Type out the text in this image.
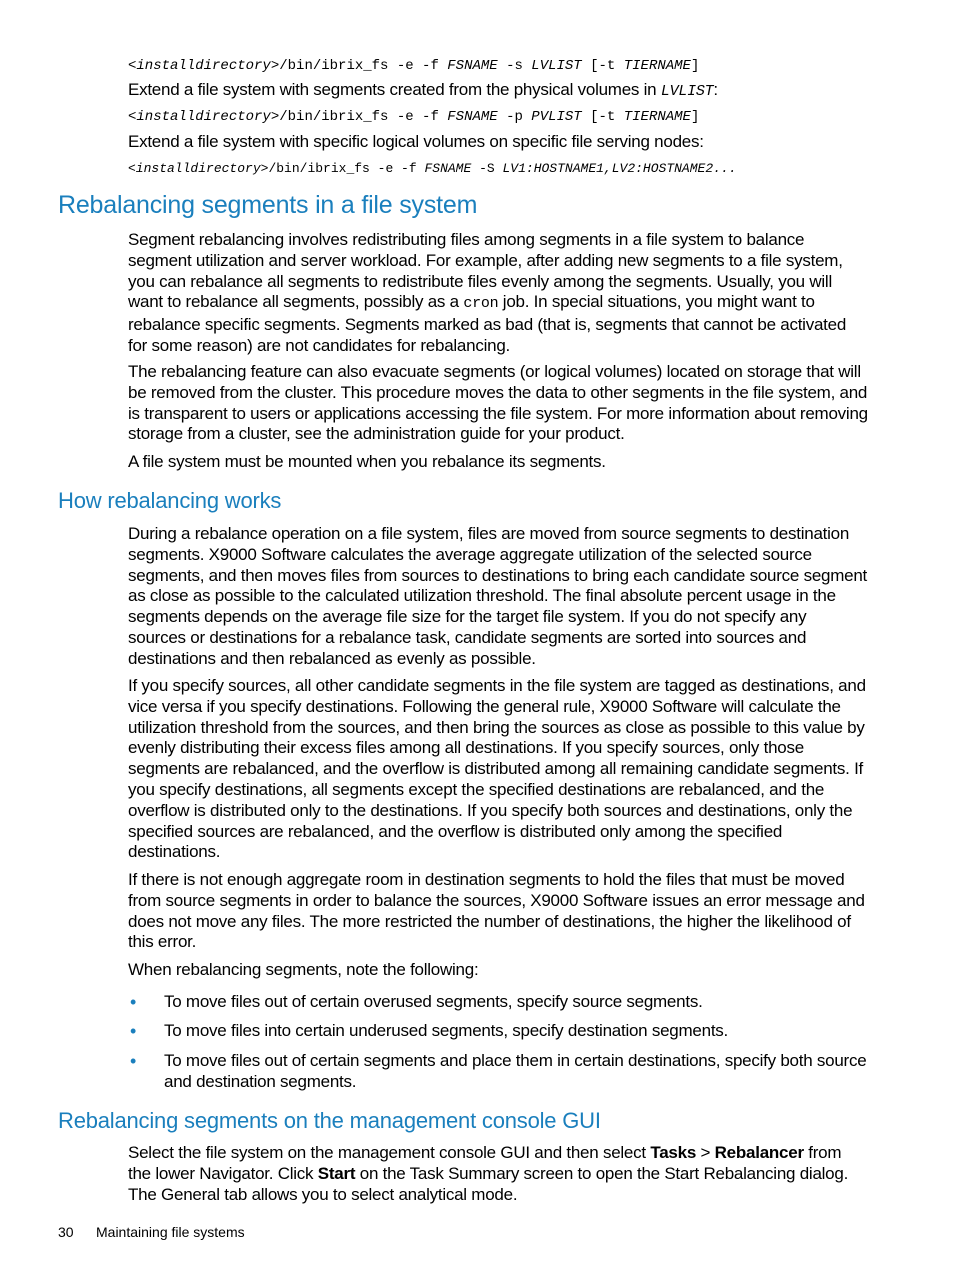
<installdirectory>/bin/ibrix_fs -e -f FSNAME -s LVLIST [-t TIERNAME]

Extend a file system with segments created from the physical volumes in LVLIST:

<installdirectory>/bin/ibrix_fs -e -f FSNAME -p PVLIST [-t TIERNAME]

Extend a file system with specific logical volumes on specific file serving nodes:

<installdirectory>/bin/ibrix_fs -e -f FSNAME -S LV1:HOSTNAME1,LV2:HOSTNAME2...
Rebalancing segments in a file system

Segment rebalancing involves redistributing files among segments in a file system to balance segment utilization and server workload. For example, after adding new segments to a file system, you can rebalance all segments to redistribute files evenly among the segments. Usually, you will want to rebalance all segments, possibly as a cron job. In special situations, you might want to rebalance specific segments. Segments marked as bad (that is, segments that cannot be activated for some reason) are not candidates for rebalancing.

The rebalancing feature can also evacuate segments (or logical volumes) located on storage that will be removed from the cluster. This procedure moves the data to other segments in the file system, and is transparent to users or applications accessing the file system. For more information about removing storage from a cluster, see the administration guide for your product.

A file system must be mounted when you rebalance its segments.

How rebalancing works

During a rebalance operation on a file system, files are moved from source segments to destination segments. X9000 Software calculates the average aggregate utilization of the selected source segments, and then moves files from sources to destinations to bring each candidate source segment as close as possible to the calculated utilization threshold. The final absolute percent usage in the segments depends on the average file size for the target file system. If you do not specify any sources or destinations for a rebalance task, candidate segments are sorted into sources and destinations and then rebalanced as evenly as possible.

If you specify sources, all other candidate segments in the file system are tagged as destinations, and vice versa if you specify destinations. Following the general rule, X9000 Software will calculate the utilization threshold from the sources, and then bring the sources as close as possible to this value by evenly distributing their excess files among all destinations. If you specify sources, only those segments are rebalanced, and the overflow is distributed among all remaining candidate segments. If you specify destinations, all segments except the specified destinations are rebalanced, and the overflow is distributed only to the destinations. If you specify both sources and destinations, only the specified sources are rebalanced, and the overflow is distributed only among the specified destinations.

If there is not enough aggregate room in destination segments to hold the files that must be moved from source segments in order to balance the sources, X9000 Software issues an error message and does not move any files. The more restricted the number of destinations, the higher the likelihood of this error.

When rebalancing segments, note the following:

• To move files out of certain overused segments, specify source segments.
• To move files into certain underused segments, specify destination segments.
• To move files out of certain segments and place them in certain destinations, specify both source and destination segments.
Rebalancing segments on the management console GUI

Select the file system on the management console GUI and then select Tasks > Rebalancer from the lower Navigator. Click Start on the Task Summary screen to open the Start Rebalancing dialog. The General tab allows you to select analytical mode.

30 Maintaining file systems
